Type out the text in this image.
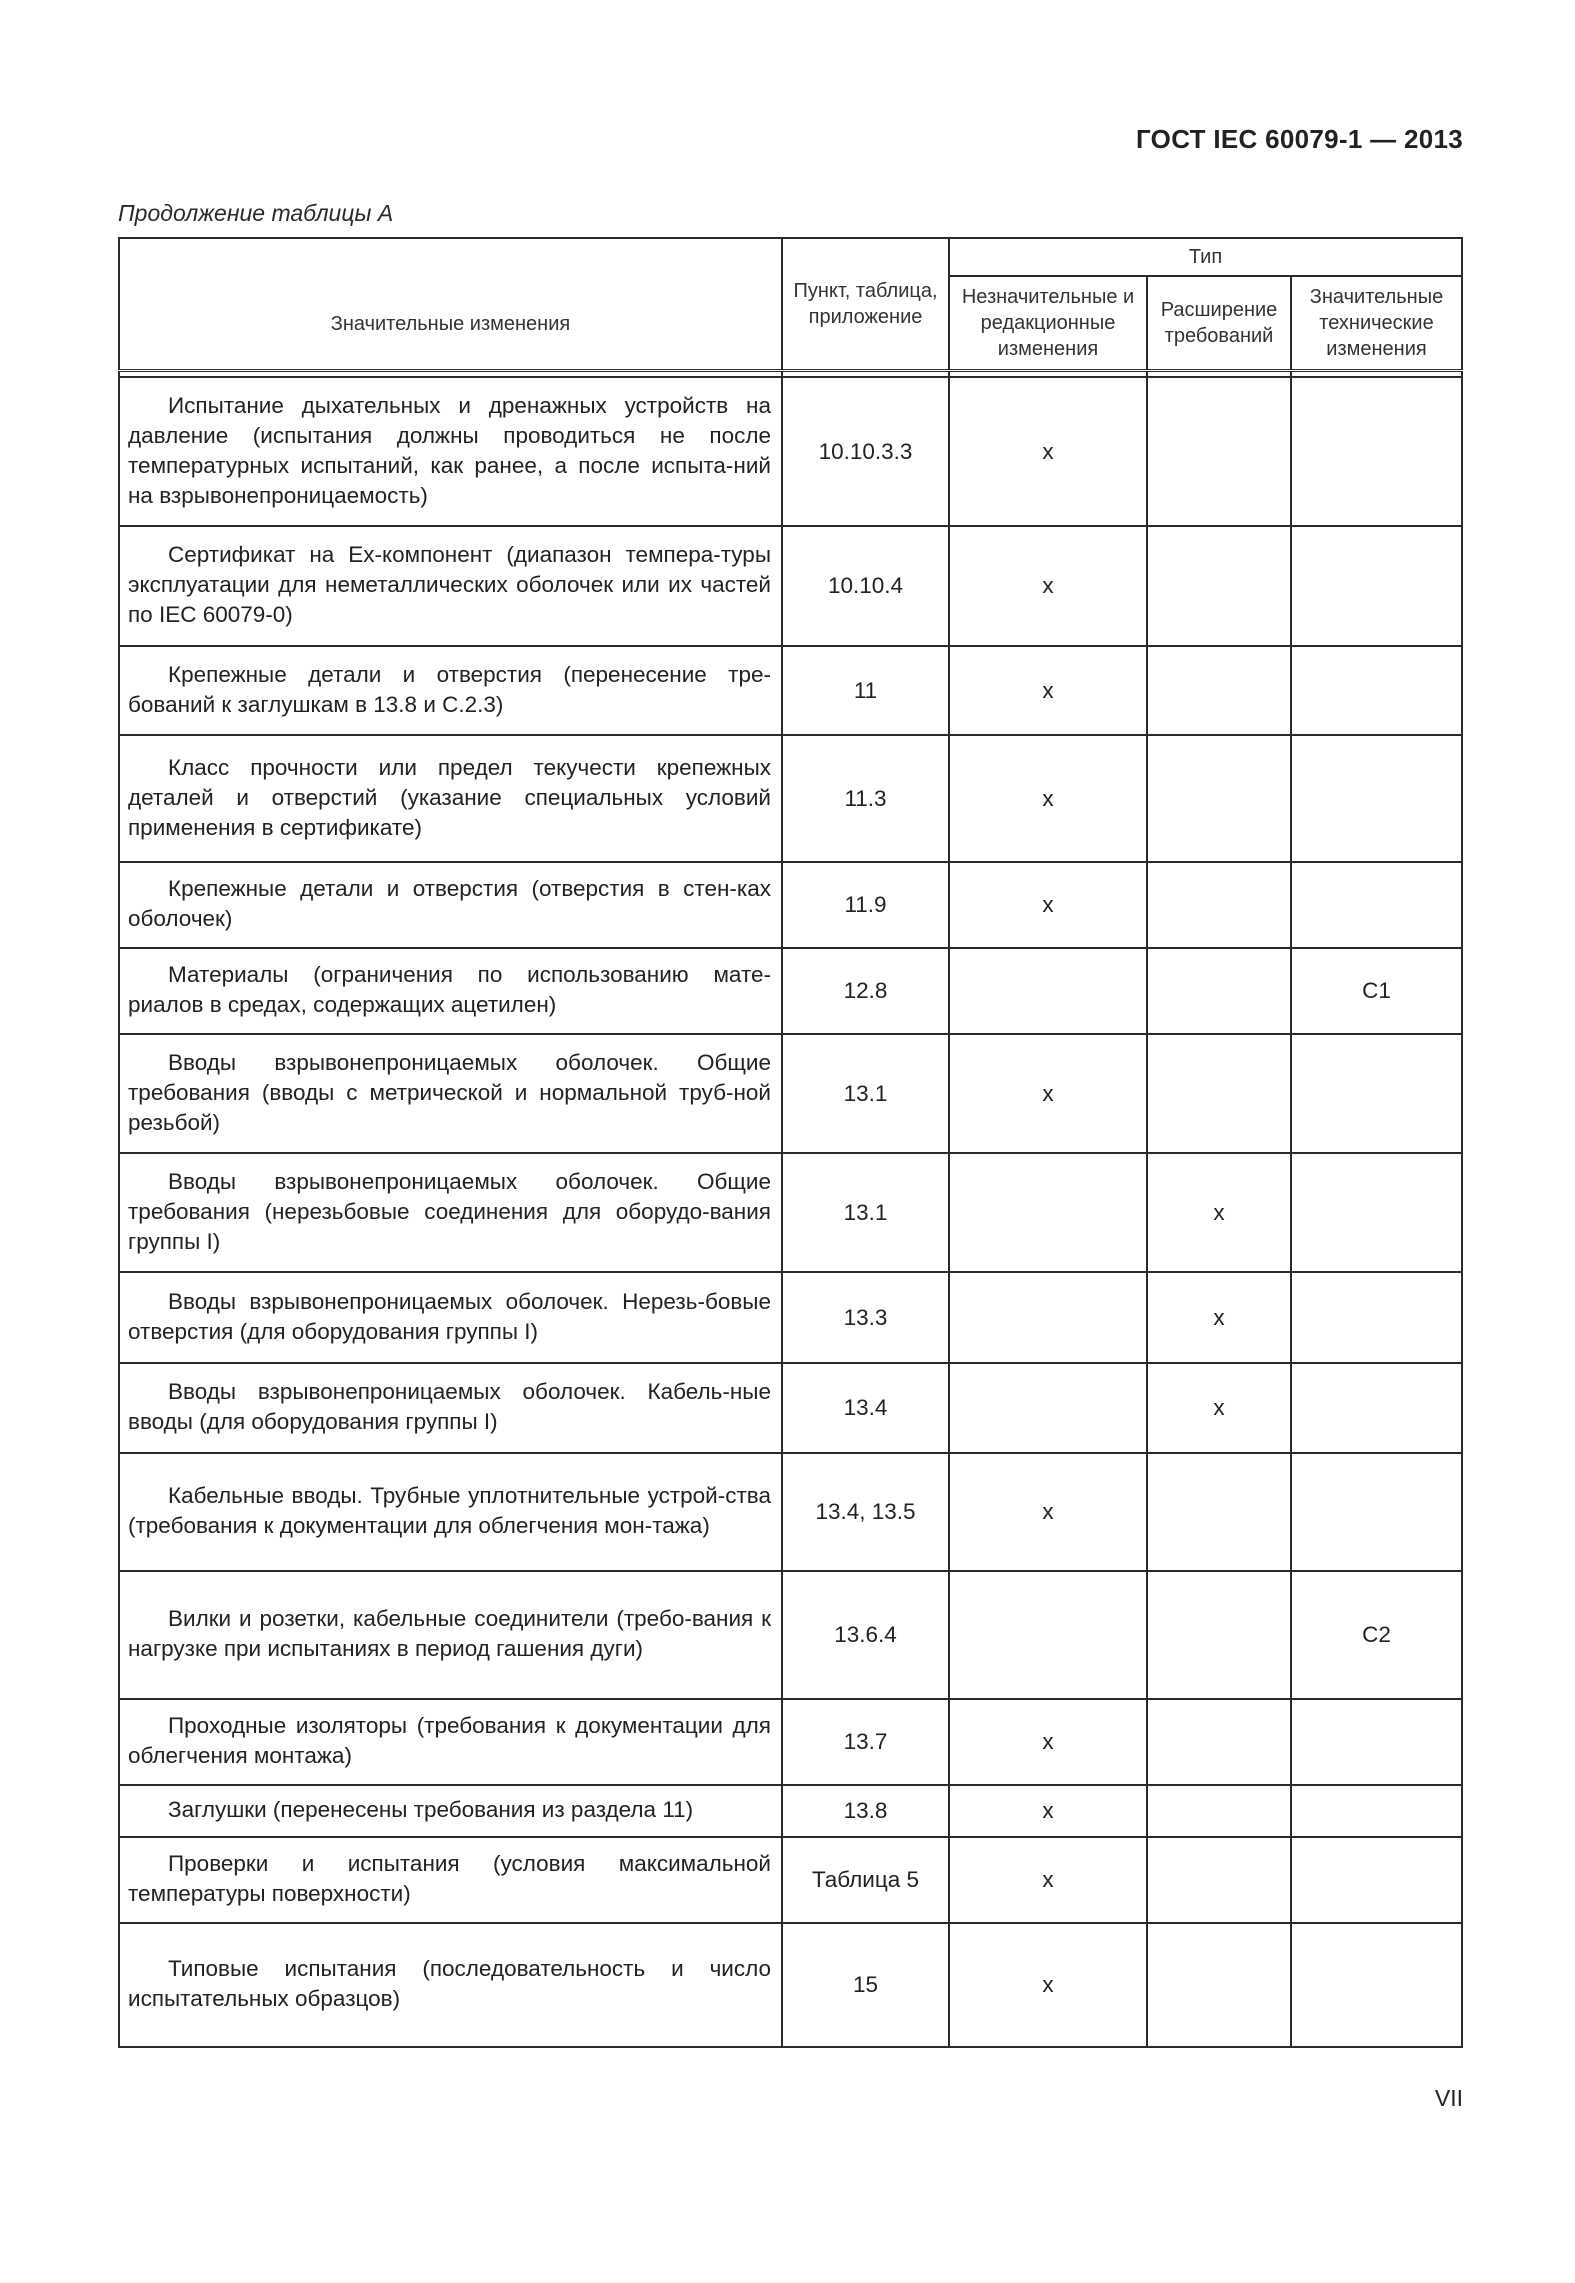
ГОСТ IEC 60079-1 — 2013
Продолжение таблицы А
Значительные изменения	Пункт, таблица, приложение	Тип		
		Незначительные и редакционные изменения	Расширение требований	Значительные технические изменения

Испытание дыхательных и дренажных устройств на давление (испытания должны проводиться не после температурных испытаний, как ранее, а после испыта-ний на взрывонепроницаемость)	10.10.3.3	x		
Сертификат на Ex-компонент (диапазон темпера-туры эксплуатации для неметаллических оболочек или их частей по IEC 60079-0)	10.10.4	x		
Крепежные детали и отверстия (перенесение тре-бований к заглушкам в 13.8 и С.2.3)	11	x		
Класс прочности или предел текучести крепежных деталей и отверстий (указание специальных условий применения в сертификате)	11.3	x		
Крепежные детали и отверстия (отверстия в стен-ках оболочек)	11.9	x		
Материалы (ограничения по использованию мате-риалов в средах, содержащих ацетилен)	12.8			C1
Вводы взрывонепроницаемых оболочек. Общие требования (вводы с метрической и нормальной труб-ной резьбой)	13.1	x		
Вводы взрывонепроницаемых оболочек. Общие требования (нерезьбовые соединения для оборудо-вания группы I)	13.1		x	
Вводы взрывонепроницаемых оболочек. Нерезь-бовые отверстия (для оборудования группы I)	13.3		x	
Вводы взрывонепроницаемых оболочек. Кабель-ные вводы (для оборудования группы I)	13.4		x	
Кабельные вводы. Трубные уплотнительные устрой-ства (требования к документации для облегчения мон-тажа)	13.4, 13.5	x		
Вилки и розетки, кабельные соединители (требо-вания к нагрузке при испытаниях в период гашения дуги)	13.6.4			C2
Проходные изоляторы (требования к документации для облегчения монтажа)	13.7	x		
Заглушки (перенесены требования из раздела 11)	13.8	x		
Проверки и испытания (условия максимальной температуры поверхности)	Таблица 5	x		
Типовые испытания (последовательность и число испытательных образцов)	15	x		
VII
